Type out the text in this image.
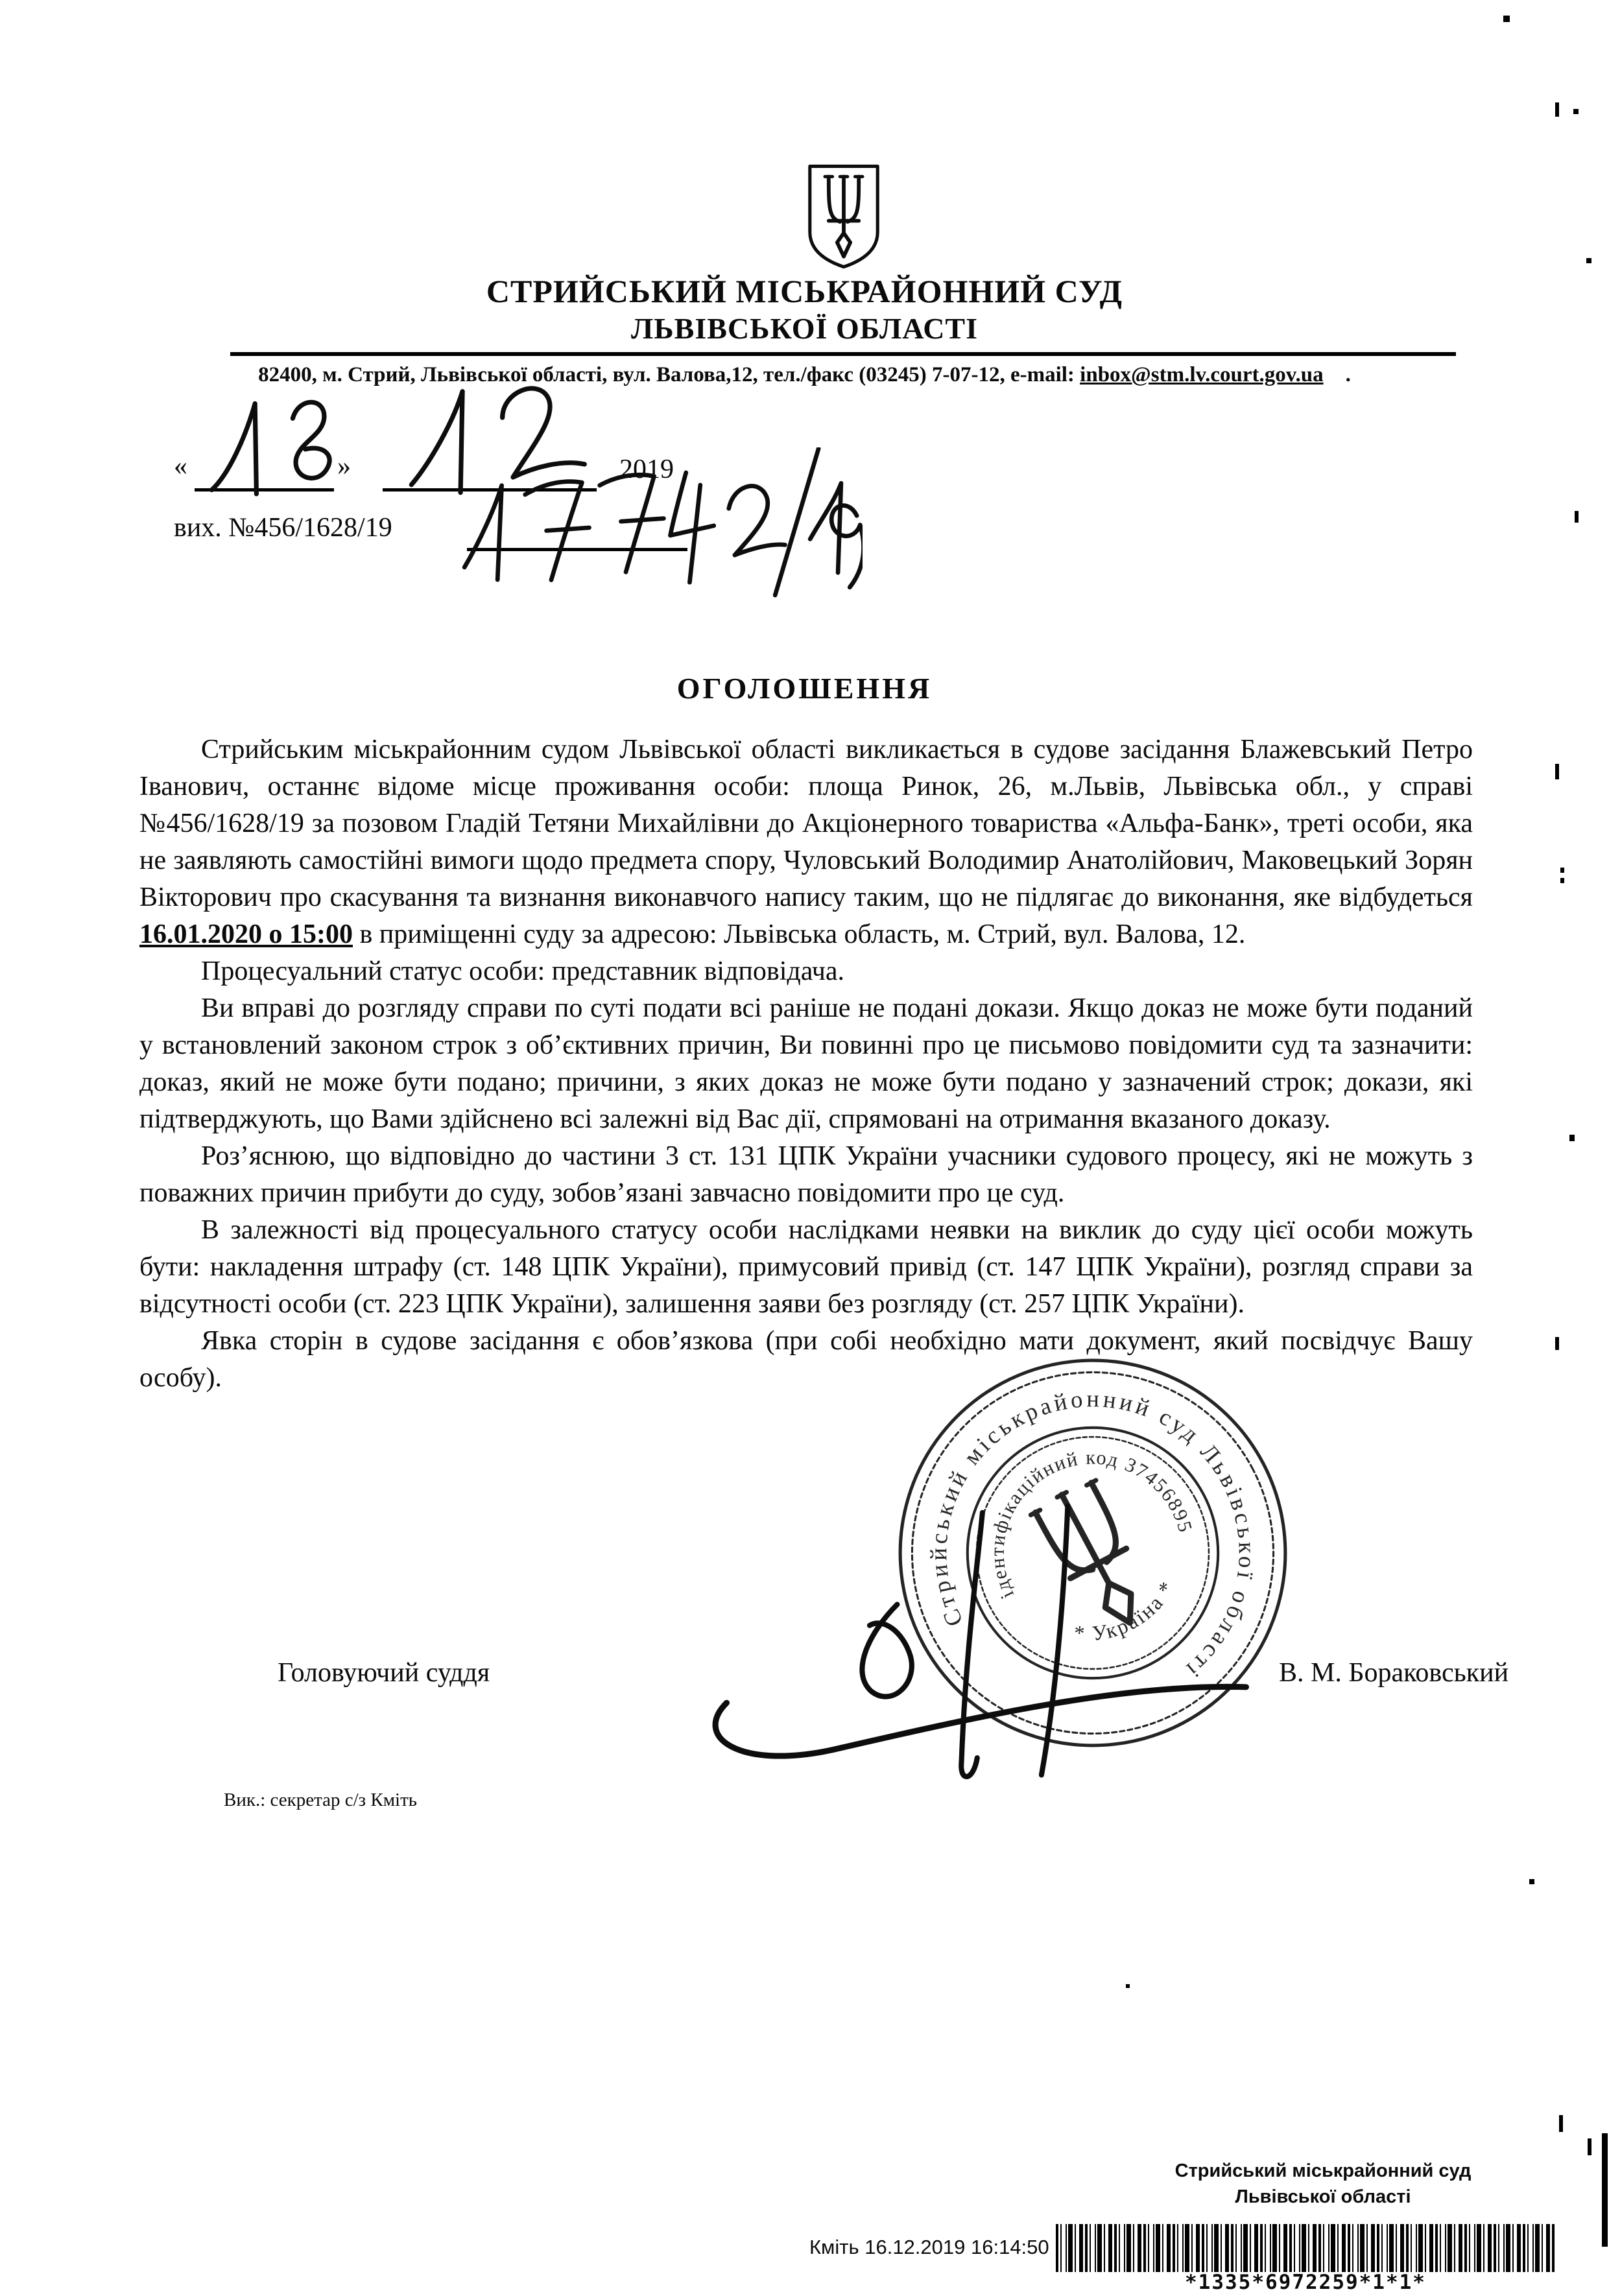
СТРИЙСЬКИЙ МІСЬКРАЙОННИЙ СУД
ЛЬВІВСЬКОЇ ОБЛАСТІ
82400, м. Стрий, Львівської області, вул. Валова,12, тел./факс (03245) 7-07-12, e-mail: inbox@stm.lv.court.gov.ua .
«	»	2019
вих. №456/1628/19
ОГОЛОШЕННЯ

Стрийським міськрайонним судом Львівської області викликається в судове засідання Блажевський Петро Іванович, останнє відоме місце проживання особи: площа Ринок, 26, м.Львів, Львівська обл., у справі №456/1628/19 за позовом Гладій Тетяни Михайлівни до Акціонерного товариства «Альфа-Банк», треті особи, яка не заявляють самостійні вимоги щодо предмета спору, Чуловський Володимир Анатолійович, Маковецький Зорян Вікторович про скасування та визнання виконавчого напису таким, що не підлягає до виконання, яке відбудеться 16.01.2020 о 15:00 в приміщенні суду за адресою: Львівська область, м. Стрий, вул. Валова, 12.

Процесуальний статус особи: представник відповідача.

Ви вправі до розгляду справи по суті подати всі раніше не подані докази. Якщо доказ не може бути поданий у встановлений законом строк з об’єктивних причин, Ви повинні про це письмово повідомити суд та зазначити: доказ, який не може бути подано; причини, з яких доказ не може бути подано у зазначений строк; докази, які підтверджують, що Вами здійснено всі залежні від Вас дії, спрямовані на отримання вказаного доказу.

Роз’яснюю, що відповідно до частини 3 ст. 131 ЦПК України учасники судового процесу, які не можуть з поважних причин прибути до суду, зобов’язані завчасно повідомити про це суд.

В залежності від процесуального статусу особи наслідками неявки на виклик до суду цієї особи можуть бути: накладення штрафу (ст. 148 ЦПК України), примусовий привід (ст. 147 ЦПК України), розгляд справи за відсутності особи (ст. 223 ЦПК України), залишення заяви без розгляду (ст. 257 ЦПК України).

Явка сторін в судове засідання є обов’язкова (при собі необхідно мати документ, який посвідчує Вашу особу).

Стрийський міськрайонний суд Львівської області
ідентифікаційний код 37456895
* Україна *
Головуючий суддя	В. М. Бораковський
Вик.: секретар с/з Кміть
Стрийський міськрайонний суд
Львівської області
Кміть 16.12.2019 16:14:50
*1335*6972259*1*1*
